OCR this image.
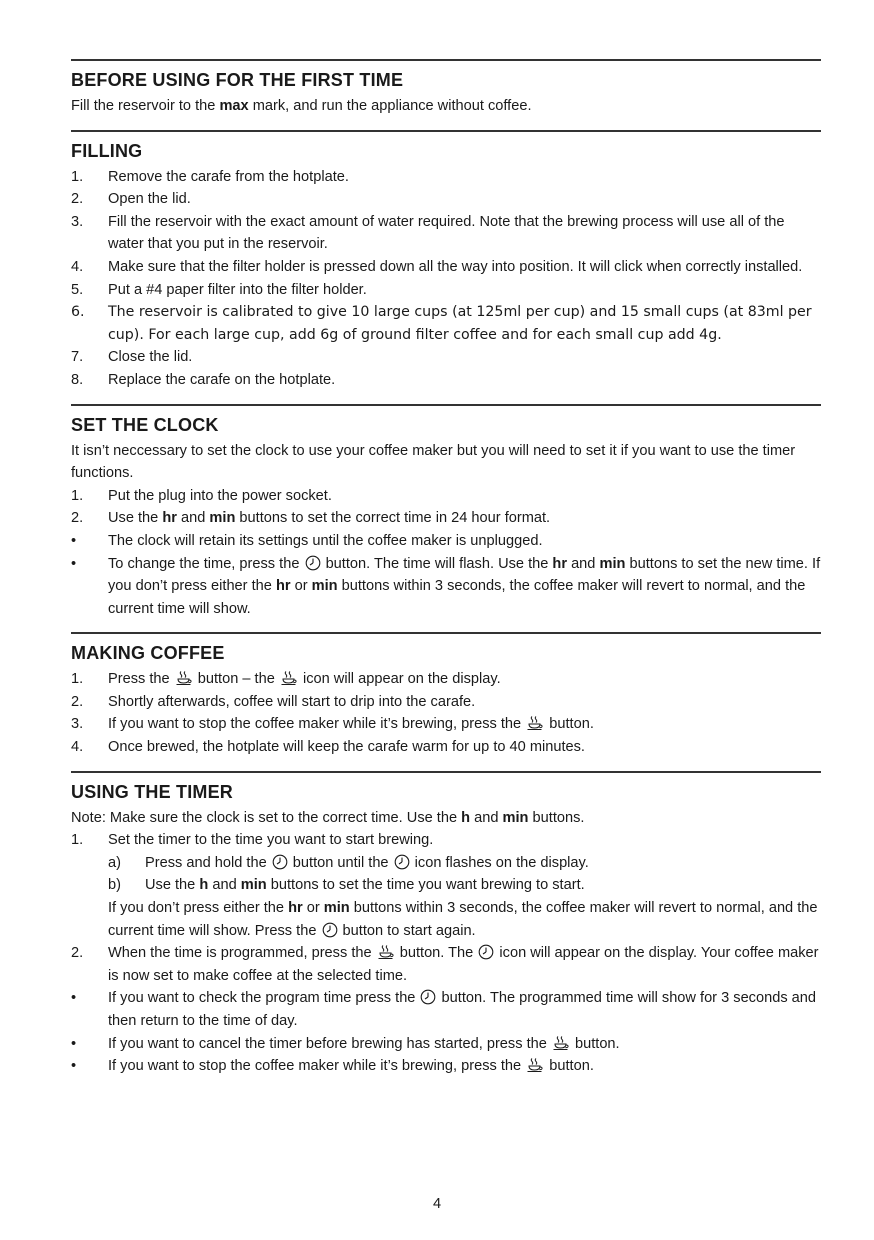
BEFORE USING FOR THE FIRST TIME

Fill the reservoir to the max mark, and run the appliance without coffee.

FILLING
1.	Remove the carafe from the hotplate.
2.	Open the lid.
3.	Fill the reservoir with the exact amount of water required. Note that the brewing process will use all of the water that you put in the reservoir.
4.	Make sure that the filter holder is pressed down all the way into position. It will click when correctly installed.
5.	Put a #4 paper filter into the filter holder.
6.	The reservoir is calibrated to give 10 large cups (at 125ml per cup) and 15 small cups (at 83ml per cup). For each large cup, add 6g of ground filter coffee and for each small cup add 4g.
7.	Close the lid.
8.	Replace the carafe on the hotplate.
SET THE CLOCK

It isn’t neccessary to set the clock to use your coffee maker but you will need to set it if you want to use the timer functions.

1.	Put the plug into the power socket.
2.	Use the hr and min buttons to set the correct time in 24 hour format.
•	The clock will retain its settings until the coffee maker is unplugged.
•	To change the time, press the  button. The time will flash. Use the hr and min buttons to set the new time. If you don’t press either the hr or min buttons within 3 seconds, the coffee maker will revert to normal, and the current time will show.
MAKING COFFEE
1.	Press the  button – the  icon will appear on the display.
2.	Shortly afterwards, coffee will start to drip into the carafe.
3.	If you want to stop the coffee maker while it’s brewing, press the  button.
4.	Once brewed, the hotplate will keep the carafe warm for up to 40 minutes.
USING THE TIMER

Note: Make sure the clock is set to the correct time. Use the h and min buttons.

1.	Set the timer to the time you want to start brewing.
a)	Press and hold the  button until the  icon flashes on the display.
b)	Use the h and min buttons to set the time you want brewing to start.
If you don’t press either the hr or min buttons within 3 seconds, the coffee maker will revert to normal, and the current time will show. Press the  button to start again.
2.	When the time is programmed, press the  button. The  icon will appear on the display. Your coffee maker is now set to make coffee at the selected time.
•	If you want to check the program time press the  button. The programmed time will show for 3 seconds and then return to the time of day.
•	If you want to cancel the timer before brewing has started, press the  button.
•	If you want to stop the coffee maker while it’s brewing, press the  button.
4
